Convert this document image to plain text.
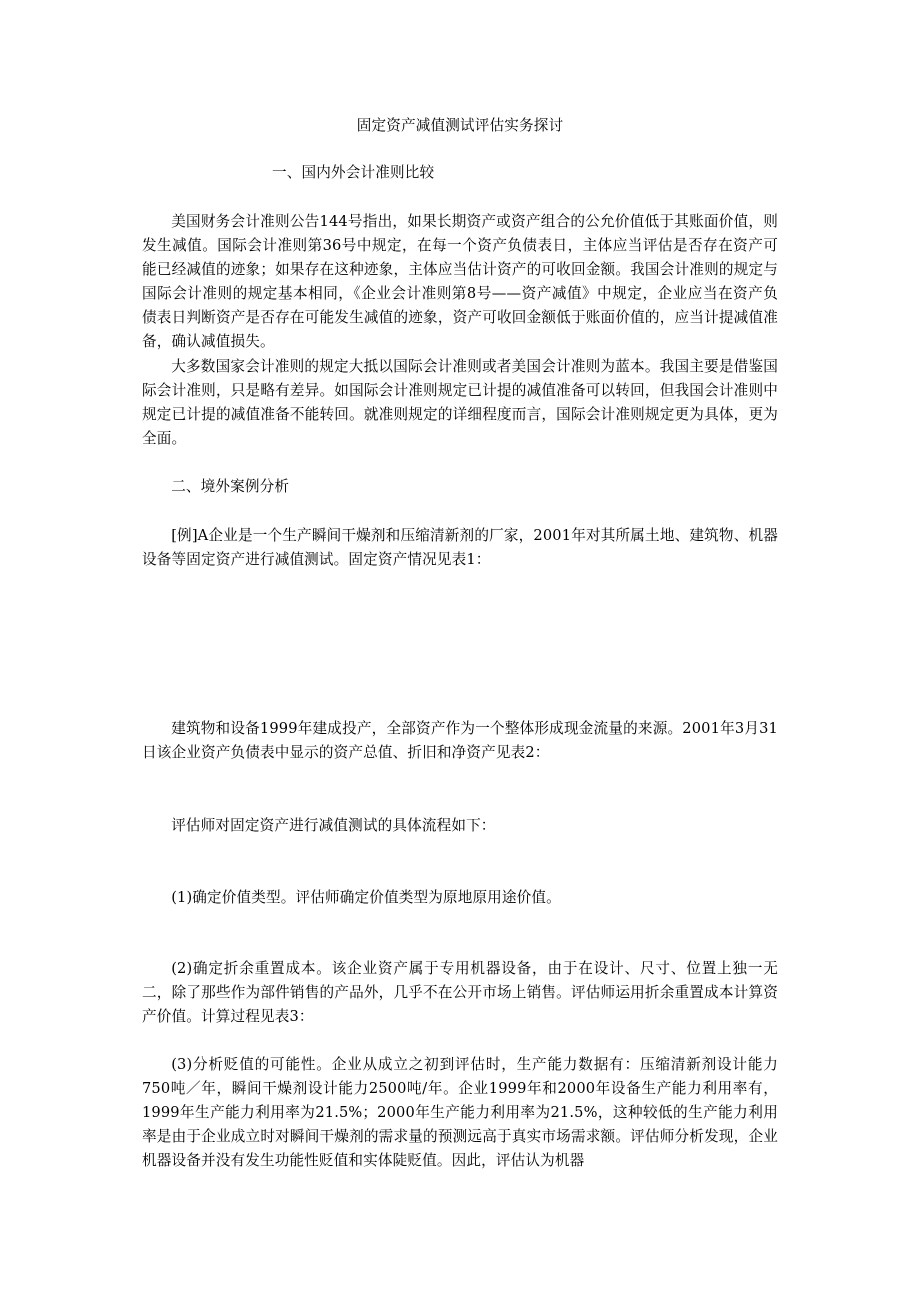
固定资产减值测试评估实务探讨

一、国内外会计准则比较

美国财务会计准则公告144号指出，如果长期资产或资产组合的公允价值低于其账面价值，则发生减值。国际会计准则第36号中规定，在每一个资产负债表日，主体应当评估是否存在资产可能已经减值的迹象；如果存在这种迹象，主体应当估计资产的可收回金额。我国会计准则的规定与国际会计准则的规定基本相同，《企业会计准则第8号——资产减值》中规定，企业应当在资产负债表日判断资产是否存在可能发生减值的迹象，资产可收回金额低于账面价值的，应当计提减值准备，确认减值损失。

大多数国家会计准则的规定大抵以国际会计准则或者美国会计准则为蓝本。我国主要是借鉴国际会计准则，只是略有差异。如国际会计准则规定已计提的减值准备可以转回，但我国会计准则中规定已计提的减值准备不能转回。就准则规定的详细程度而言，国际会计准则规定更为具体，更为全面。

二、境外案例分析

[例]A企业是一个生产瞬间干燥剂和压缩清新剂的厂家，2001年对其所属土地、建筑物、机器设备等固定资产进行减值测试。固定资产情况见表1：

建筑物和设备1999年建成投产，全部资产作为一个整体形成现金流量的来源。2001年3月31日该企业资产负债表中显示的资产总值、折旧和净资产见表2：

评估师对固定资产进行减值测试的具体流程如下：

(1)确定价值类型。评估师确定价值类型为原地原用途价值。

(2)确定折余重置成本。该企业资产属于专用机器设备，由于在设计、尺寸、位置上独一无二，除了那些作为部件销售的产品外，几乎不在公开市场上销售。评估师运用折余重置成本计算资产价值。计算过程见表3：

(3)分析贬值的可能性。企业从成立之初到评估时，生产能力数据有：压缩清新剂设计能力750吨／年，瞬间干燥剂设计能力2500吨/年。企业1999年和2000年设备生产能力利用率有，1999年生产能力利用率为21.5%；2000年生产能力利用率为21.5%，这种较低的生产能力利用率是由于企业成立时对瞬间干燥剂的需求量的预测远高于真实市场需求额。评估师分析发现，企业机器设备并没有发生功能性贬值和实体陡贬值。因此，评估认为机器
